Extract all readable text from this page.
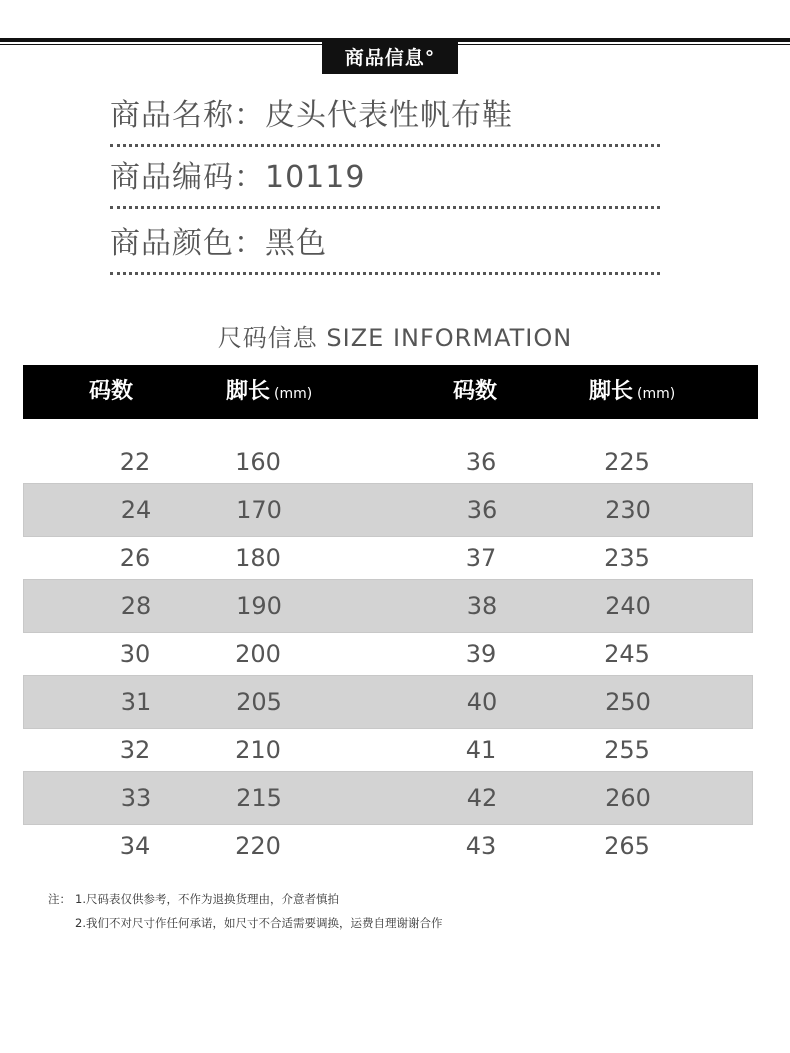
商品信息°
商品名称：皮头代表性帆布鞋
商品编码：10119
商品颜色：黑色
尺码信息 SIZE INFORMATION
码数	脚长 (mm)	码数	脚长 (mm)
22	160	36	225
24	170	36	230
26	180	37	235
28	190	38	240
30	200	39	245
31	205	40	250
32	210	41	255
33	215	42	260
34	220	43	265
注： 1.尺码表仅供参考，不作为退换货理由，介意者慎拍
2.我们不对尺寸作任何承诺，如尺寸不合适需要调换，运费自理谢谢合作
